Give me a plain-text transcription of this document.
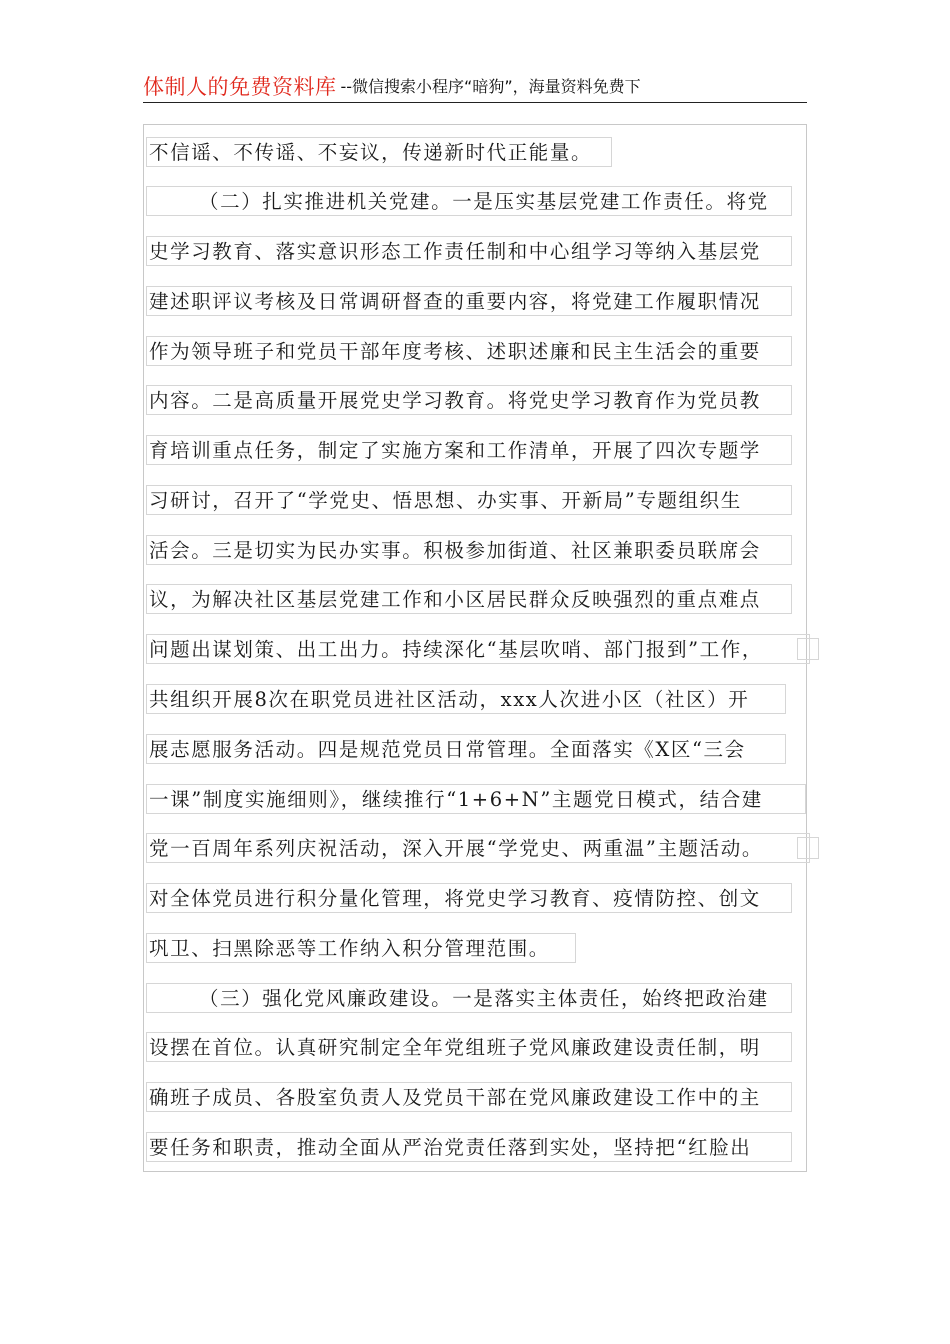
体制人的免费资料库 --微信搜索小程序“暗狗”，海量资料免费下
不信谣、不传谣、不妄议，传递新时代正能量。
（二）扎实推进机关党建。一是压实基层党建工作责任。将党
史学习教育、落实意识形态工作责任制和中心组学习等纳入基层党
建述职评议考核及日常调研督查的重要内容，将党建工作履职情况
作为领导班子和党员干部年度考核、述职述廉和民主生活会的重要
内容。二是高质量开展党史学习教育。将党史学习教育作为党员教
育培训重点任务，制定了实施方案和工作清单，开展了四次专题学
习研讨，召开了“学党史、悟思想、办实事、开新局”专题组织生
活会。三是切实为民办实事。积极参加街道、社区兼职委员联席会
议，为解决社区基层党建工作和小区居民群众反映强烈的重点难点
问题出谋划策、出工出力。持续深化“基层吹哨、部门报到”工作，
共组织开展8次在职党员进社区活动，xxx人次进小区（社区）开
展志愿服务活动。四是规范党员日常管理。全面落实《X区“三会
一课”制度实施细则》，继续推行“1+6+N”主题党日模式，结合建
党一百周年系列庆祝活动，深入开展“学党史、两重温”主题活动。
对全体党员进行积分量化管理，将党史学习教育、疫情防控、创文
巩卫、扫黑除恶等工作纳入积分管理范围。
（三）强化党风廉政建设。一是落实主体责任，始终把政治建
设摆在首位。认真研究制定全年党组班子党风廉政建设责任制，明
确班子成员、各股室负责人及党员干部在党风廉政建设工作中的主
要任务和职责，推动全面从严治党责任落到实处，坚持把“红脸出
